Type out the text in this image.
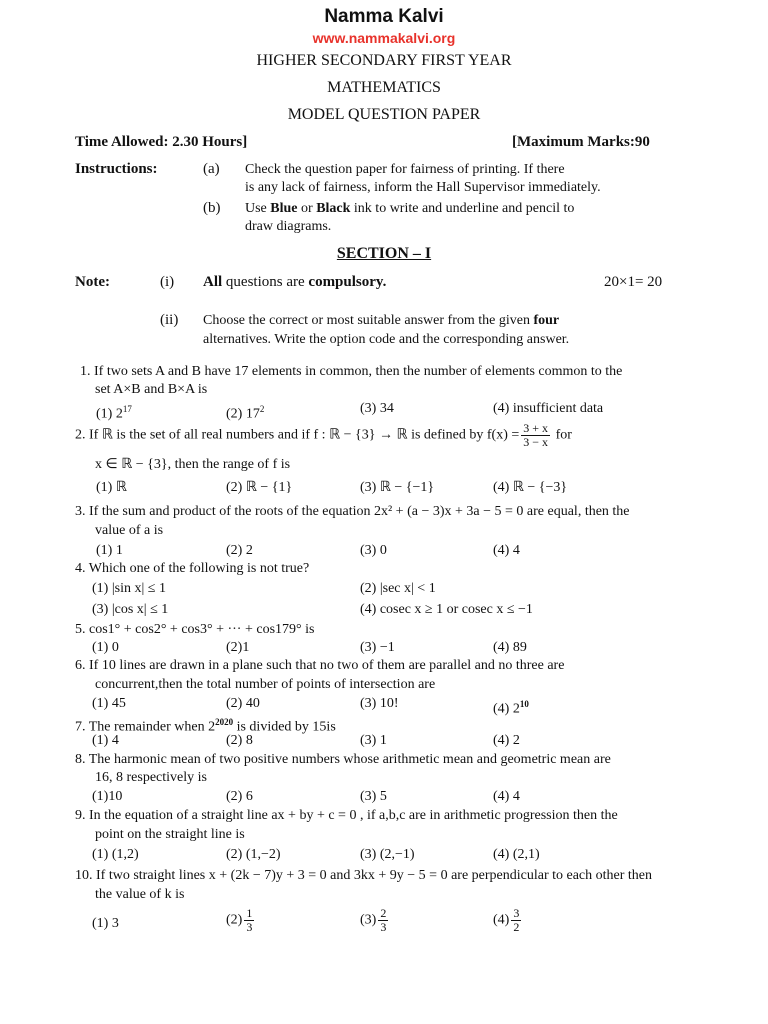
Namma Kalvi
www.nammakalvi.org
HIGHER SECONDARY FIRST YEAR
MATHEMATICS
MODEL QUESTION PAPER
Time Allowed: 2.30 Hours]	[Maximum Marks:90
Instructions:	(a) Check the question paper for fairness of printing. If there
is any lack of fairness, inform the Hall Supervisor immediately.
(b) Use Blue or Black ink to write and underline and pencil to
draw diagrams.
SECTION – I
Note:	(i) All questions are compulsory.	20×1= 20
(ii) Choose the correct or most suitable answer from the given four
alternatives. Write the option code and the corresponding answer.
1. If two sets A and B have 17 elements in common, then the number of elements common to the
set A×B and B×A is
(1) $2^{17}$	(2) $17^2$	(3) 34	(4) insufficient data
2. If ℝ is the set of all real numbers and if f : ℝ − {3} → ℝ is defined by $f(x) = \frac{3 + x}{3 - x}$ for
x ∈ ℝ − {3}, then the range of f is
(1) ℝ	(2) ℝ − {1}	(3) ℝ − {−1}	(4) ℝ − {−3}
3. If the sum and product of the roots of the equation 2x² + (a − 3)x + 3a − 5 = 0 are equal, then the
value of a is
(1) 1	(2) 2	(3) 0	(4) 4
4. Which one of the following is not true?
(1) |sin x| ≤ 1	(2) |sec x| < 1
(3) |cos x| ≤ 1	(4) cosec x ≥ 1 or cosec x ≤ −1
5. cos1° + cos2° + cos3° + ··· + cos179° is
(1) 0	(2)1	(3) −1	(4) 89
6. If 10 lines are drawn in a plane such that no two of them are parallel and no three are
concurrent,then the total number of points of intersection are
(1) 45	(2) 40	(3) 10!	(4) $2^{10}$
7. The remainder when $2^{2020}$ is divided by 15is
(1) 4	(2) 8	(3) 1	(4) 2
8. The harmonic mean of two positive numbers whose arithmetic mean and geometric mean are
16, 8 respectively is
(1)10	(2) 6	(3) 5	(4) 4
9. In the equation of a straight line ax + by + c = 0 , if a,b,c are in arithmetic progression then the
point on the straight line is
(1) (1,2)	(2) (1,−2)	(3) (2,−1)	(4) (2,1)
10. If two straight lines x + (2k − 7)y + 3 = 0 and 3kx + 9y − 5 = 0 are perpendicular to each other then
the value of k is
(1) 3	$(2) \frac{1}{3}$	$(3) \frac{2}{3}$	$(4) \frac{3}{2}$
